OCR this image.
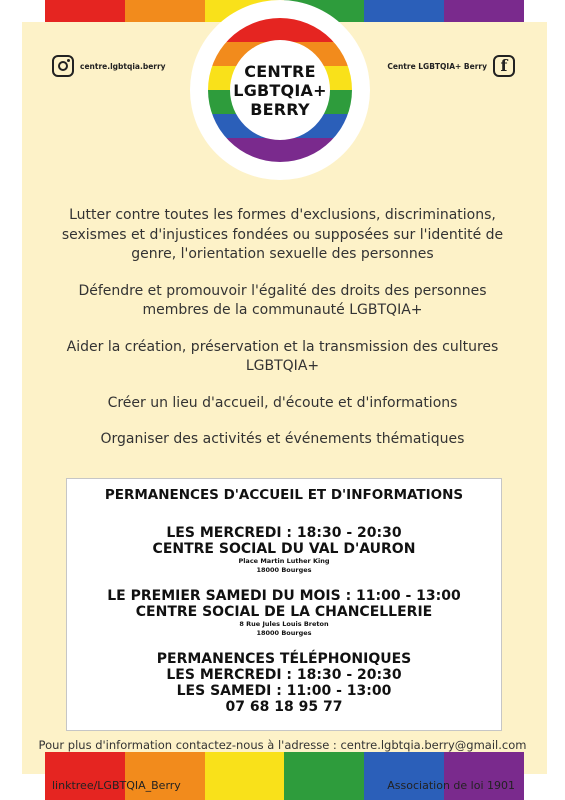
centre.lgbtqia.berry	Centre LGBTQIA+ Berry f
CENTRE
LGBTQIA+
BERRY

Lutter contre toutes les formes d'exclusions, discriminations, sexismes et d'injustices fondées ou supposées sur l'identité de genre, l'orientation sexuelle des personnes

Défendre et promouvoir l'égalité des droits des personnes membres de la communauté LGBTQIA+

Aider la création, préservation et la transmission des cultures LGBTQIA+

Créer un lieu d'accueil, d'écoute et d'informations

Organiser des activités et événements thématiques

PERMANENCES D'ACCUEIL ET D'INFORMATIONS
LES MERCREDI : 18:30 - 20:30
CENTRE SOCIAL DU VAL D'AURON
Place Martin Luther King
18000 Bourges
LE PREMIER SAMEDI DU MOIS : 11:00 - 13:00
CENTRE SOCIAL DE LA CHANCELLERIE
8 Rue Jules Louis Breton
18000 Bourges
PERMANENCES TÉLÉPHONIQUES
LES MERCREDI : 18:30 - 20:30
LES SAMEDI : 11:00 - 13:00
07 68 18 95 77
Pour plus d'information contactez-nous à l'adresse : centre.lgbtqia.berry@gmail.com
linktree/LGBTQIA_Berry	Association de loi 1901
